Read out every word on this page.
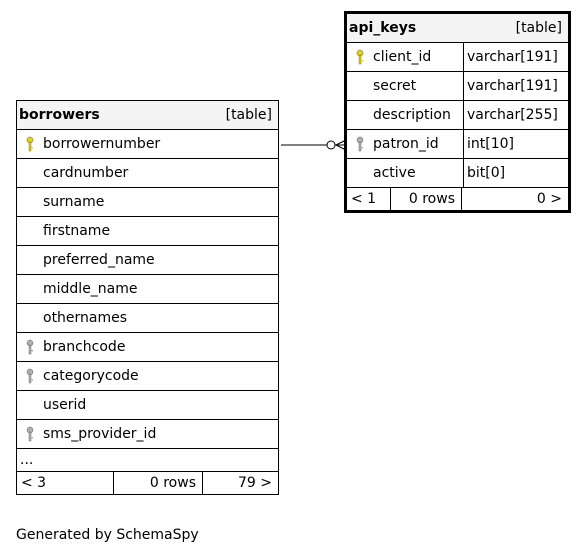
borrowers	[table]
borrowernumber
cardnumber
surname
firstname
preferred_name
middle_name
othernames
branchcode
categorycode
userid
sms_provider_id
...
< 3	0 rows	79 >
api_keys	[table]
client_id	varchar[191]
secret	varchar[191]
description	varchar[255]
patron_id	int[10]
active	bit[0]
< 1	0 rows	0 >
Generated by SchemaSpy
